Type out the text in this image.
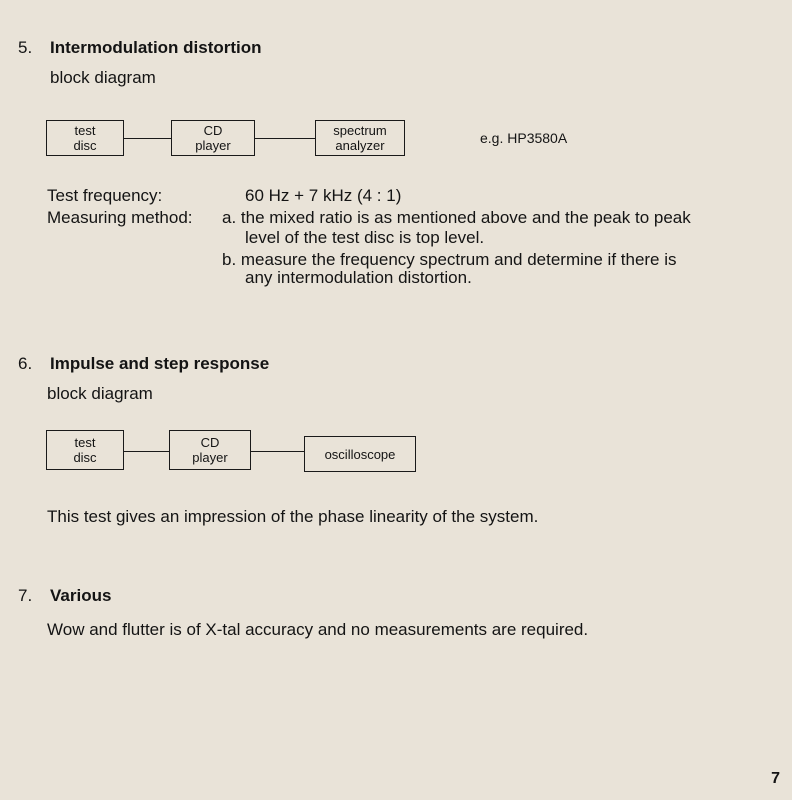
5. Intermodulation distortion
block diagram
test
disc
CD
player
spectrum
analyzer	e.g. HP3580A
Test frequency:	60 Hz + 7 kHz (4 : 1)
Measuring method: a. the mixed ratio is as mentioned above and the peak to peak
level of the test disc is top level.
b. measure the frequency spectrum and determine if there is
any intermodulation distortion.
6. Impulse and step response
block diagram
test
disc
CD
player	oscilloscope
This test gives an impression of the phase linearity of the system.
7. Various
Wow and flutter is of X-tal accuracy and no measurements are required.
7
